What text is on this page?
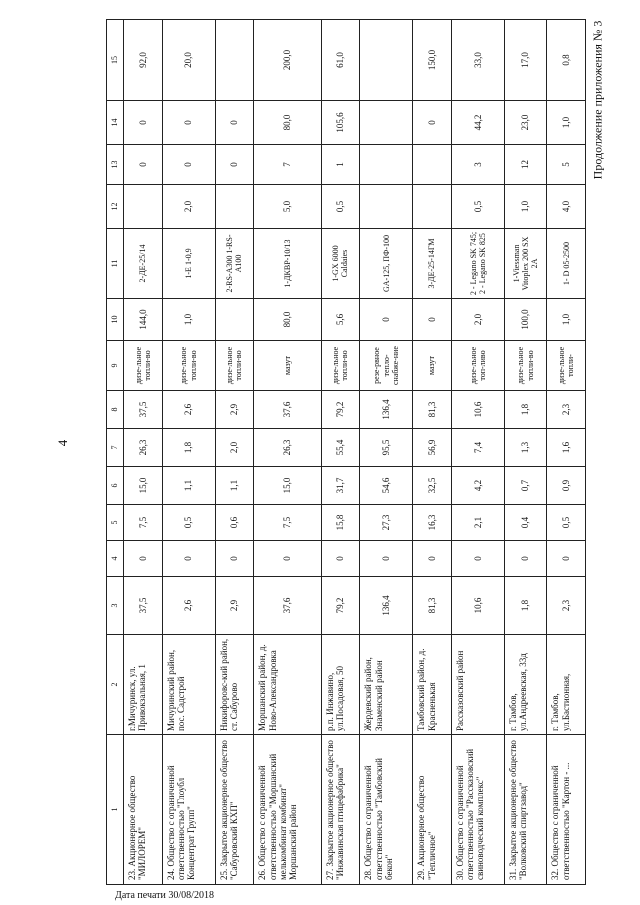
4
Продолжение приложения № 3
1	2	3	4	5	6	7	8	9	10	11	12	13	14	15
23. Акционерное общество "МИЛОРЕМ"	г.Мичуринск, ул. Привокзальная, 1	37,5	0	7,5	15,0	26,3	37,5	дизе-льное топли-во	144,0	2-ДЕ-25/14		0	0	92,0
24. Общество с ограниченной ответственностью "Глоубл Концентрат Групп"	Мичуринский район, пос. Садстрой	2,6	0	0,5	1,1	1,8	2,6	дизе-льное топли-во	1,0	1-E 1-0,9	2,0	0	0	20,0
25. Закрытое акционерное общество "Сабуровский КХП"	Никифоровс-кий район, ст. Сабурово	2,9	0	0,6	1,1	2,0	2,9	дизе-льное топли-во		2-RS-A300 1-RS-A100		0	0	
26. Общество с ограниченной ответственностью "Моршанский мелькомбинат комбинат" Моршанский район	Моршанский район, д. Ново-Александровка	37,6	0	7,5	15,0	26,3	37,6	мазут	80,0	1-ДКВР-10/13	5,0	7	80,0	200,0
27. Закрытое акционерное общество "Инжавинская птицефабрика"	р.п. Инжавино, ул.Посадовая, 50	79,2	0	15,8	31,7	55,4	79,2	дизе-льное топли-во	5,6	1-GX 6000 Caldaies	0,5	1	105,6	61,0
28. Общество с ограниченной ответственностью "Тамбовский бекон"	Жердевский район, Знаменский район	136,4	0	27,3	54,6	95,5	136,4	резе-рвное тепло-снабже-ние	0	GA-125, ПФ-100				
29. Акционерное общество "Тепличное"	Тамбовский район, д. Красненькая	81,3	0	16,3	32,5	56,9	81,3	мазут	0	3-ДЕ-25-14ГМ			0	150,0
30. Общество с ограниченной ответственностью "Рассказовский свиноводческий комплекс"	Рассказовский район	10,6	0	2,1	4,2	7,4	10,6	дизе-льное топ-ливо	2,0	2 - Legano SK 745; 2 - Legano SK 825	0,5	3	44,2	33,0
31. Закрытое акционерное общество "Волковский спиртзавод"	г. Тамбов, ул.Андреевская, 33д	1,8	0	0,4	0,7	1,3	1,8	дизе-льное топли-во	100,0	1-Viessman Vitoplex 200 SX 2A	1,0	12	23,0	17,0
32. Общество с ограниченной ответственностью "Картон - ...	г. Тамбов, ул.Бастионная,	2,3	0	0,5	0,9	1,6	2,3	дизе-льное топли-	1,0	1- D 05-2500	4,0	5	1,0	0,8
Дата печати 30/08/2018
